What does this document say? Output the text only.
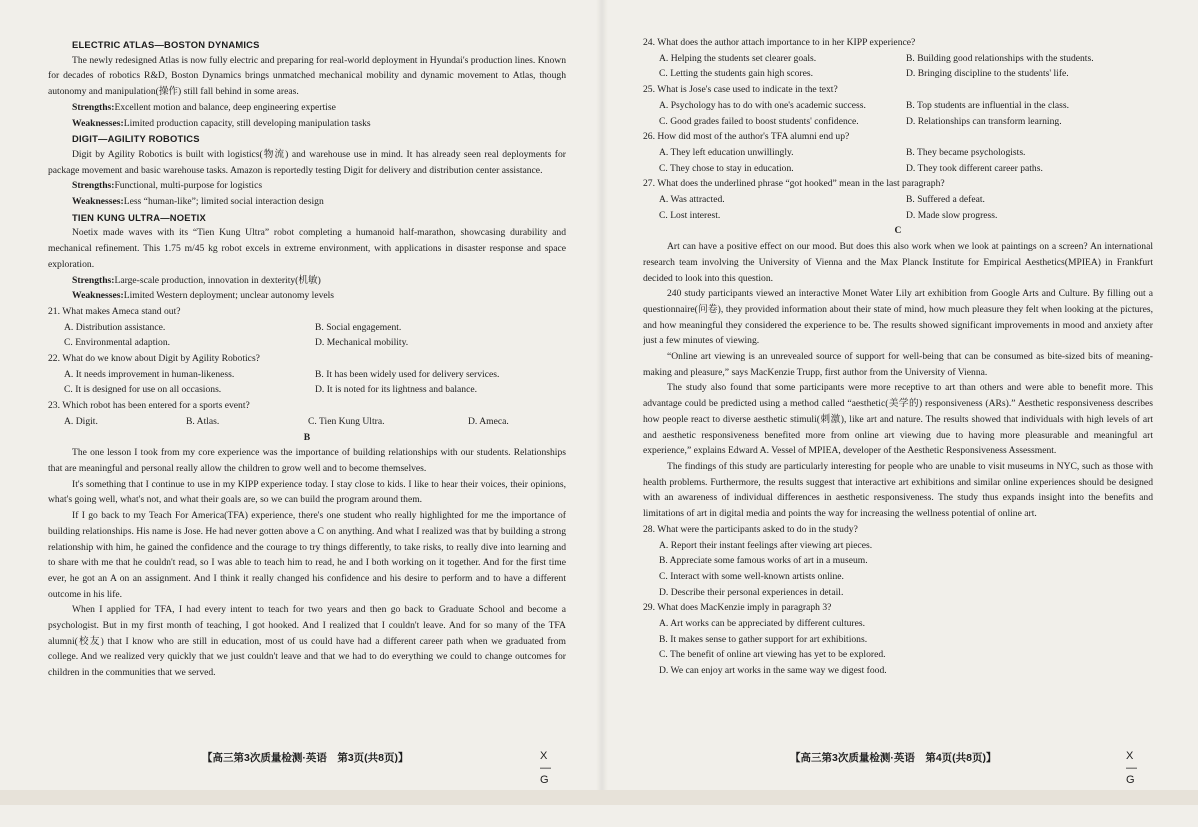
ELECTRIC ATLAS—BOSTON DYNAMICS

The newly redesigned Atlas is now fully electric and preparing for real-world deployment in Hyundai's production lines. Known for decades of robotics R&D, Boston Dynamics brings unmatched mechanical mobility and dynamic movement to Atlas, though autonomy and manipulation(操作) still fall behind in some areas.

Strengths:Excellent motion and balance, deep engineering expertise

Weaknesses:Limited production capacity, still developing manipulation tasks

DIGIT—AGILITY ROBOTICS

Digit by Agility Robotics is built with logistics(物流) and warehouse use in mind. It has already seen real deployments for package movement and basic warehouse tasks. Amazon is reportedly testing Digit for delivery and distribution center assistance.

Strengths:Functional, multi-purpose for logistics

Weaknesses:Less “human-like”; limited social interaction design

TIEN KUNG ULTRA—NOETIX

Noetix made waves with its “Tien Kung Ultra” robot completing a humanoid half-marathon, showcasing durability and mechanical refinement. This 1.75 m/45 kg robot excels in extreme environment, with applications in disaster response and space exploration.

Strengths:Large-scale production, innovation in dexterity(机敏)

Weaknesses:Limited Western deployment; unclear autonomy levels

21. What makes Ameca stand out?

A. Distribution assistance.	B. Social engagement.
C. Environmental adaption.	D. Mechanical mobility.

22. What do we know about Digit by Agility Robotics?

A. It needs improvement in human-likeness.	B. It has been widely used for delivery services.
C. It is designed for use on all occasions.	D. It is noted for its lightness and balance.

23. Which robot has been entered for a sports event?

A. Digit.	B. Atlas.	C. Tien Kung Ultra.	D. Ameca.

B

The one lesson I took from my core experience was the importance of building relationships with our students. Relationships that are meaningful and personal really allow the children to grow well and to become themselves.

It's something that I continue to use in my KIPP experience today. I stay close to kids. I like to hear their voices, their opinions, what's going well, what's not, and what their goals are, so we can build the program around them.

If I go back to my Teach For America(TFA) experience, there's one student who really highlighted for me the importance of building relationships. His name is Jose. He had never gotten above a C on anything. And what I realized was that by building a strong relationship with him, he gained the confidence and the courage to try things differently, to take risks, to really dive into learning and to share with me that he couldn't read, so I was able to teach him to read, he and I both working on it together. And for the first time ever, he got an A on an assignment. And I think it really changed his confidence and his desire to perform and to have a different outcome in his life.

When I applied for TFA, I had every intent to teach for two years and then go back to Graduate School and become a psychologist. But in my first month of teaching, I got hooked. And I realized that I couldn't leave. And for so many of the TFA alumni(校友) that I know who are still in education, most of us could have had a different career path when we graduated from college. And we realized very quickly that we just couldn't leave and that we had to do everything we could to change outcomes for children in the communities that we served.

24. What does the author attach importance to in her KIPP experience?

A. Helping the students set clearer goals.	B. Building good relationships with the students.
C. Letting the students gain high scores.	D. Bringing discipline to the students' life.

25. What is Jose's case used to indicate in the text?

A. Psychology has to do with one's academic success.	B. Top students are influential in the class.
C. Good grades failed to boost students' confidence.	D. Relationships can transform learning.

26. How did most of the author's TFA alumni end up?

A. They left education unwillingly.	B. They became psychologists.
C. They chose to stay in education.	D. They took different career paths.

27. What does the underlined phrase “got hooked” mean in the last paragraph?

A. Was attracted.	B. Suffered a defeat.
C. Lost interest.	D. Made slow progress.

C

Art can have a positive effect on our mood. But does this also work when we look at paintings on a screen? An international research team involving the University of Vienna and the Max Planck Institute for Empirical Aesthetics(MPIEA) in Frankfurt decided to look into this question.

240 study participants viewed an interactive Monet Water Lily art exhibition from Google Arts and Culture. By filling out a questionnaire(问卷), they provided information about their state of mind, how much pleasure they felt when looking at the pictures, and how meaningful they considered the experience to be. The results showed significant improvements in mood and anxiety after just a few minutes of viewing.

“Online art viewing is an unrevealed source of support for well-being that can be consumed as bite-sized bits of meaning-making and pleasure,” says MacKenzie Trupp, first author from the University of Vienna.

The study also found that some participants were more receptive to art than others and were able to benefit more. This advantage could be predicted using a method called “aesthetic(美学的) responsiveness (ARs).” Aesthetic responsiveness describes how people react to diverse aesthetic stimuli(刺激), like art and nature. The results showed that individuals with high levels of art and aesthetic responsiveness benefited more from online art viewing due to having more pleasurable and meaningful art experience,” explains Edward A. Vessel of MPIEA, developer of the Aesthetic Responsiveness Assessment.

The findings of this study are particularly interesting for people who are unable to visit museums in NYC, such as those with health problems. Furthermore, the results suggest that interactive art exhibitions and similar online experiences should be designed with an awareness of individual differences in aesthetic responsiveness. The study thus expands insight into the benefits and limitations of art in digital media and points the way for increasing the wellness potential of online art.

28. What were the participants asked to do in the study?

A. Report their instant feelings after viewing art pieces.
B. Appreciate some famous works of art in a museum.
C. Interact with some well-known artists online.
D. Describe their personal experiences in detail.

29. What does MacKenzie imply in paragraph 3?

A. Art works can be appreciated by different cultures.
B. It makes sense to gather support for art exhibitions.
C. The benefit of online art viewing has yet to be explored.
D. We can enjoy art works in the same way we digest food.
【高三第3次质量检测·英语　第3页(共8页)】	X—G
【高三第3次质量检测·英语　第4页(共8页)】	X—G
